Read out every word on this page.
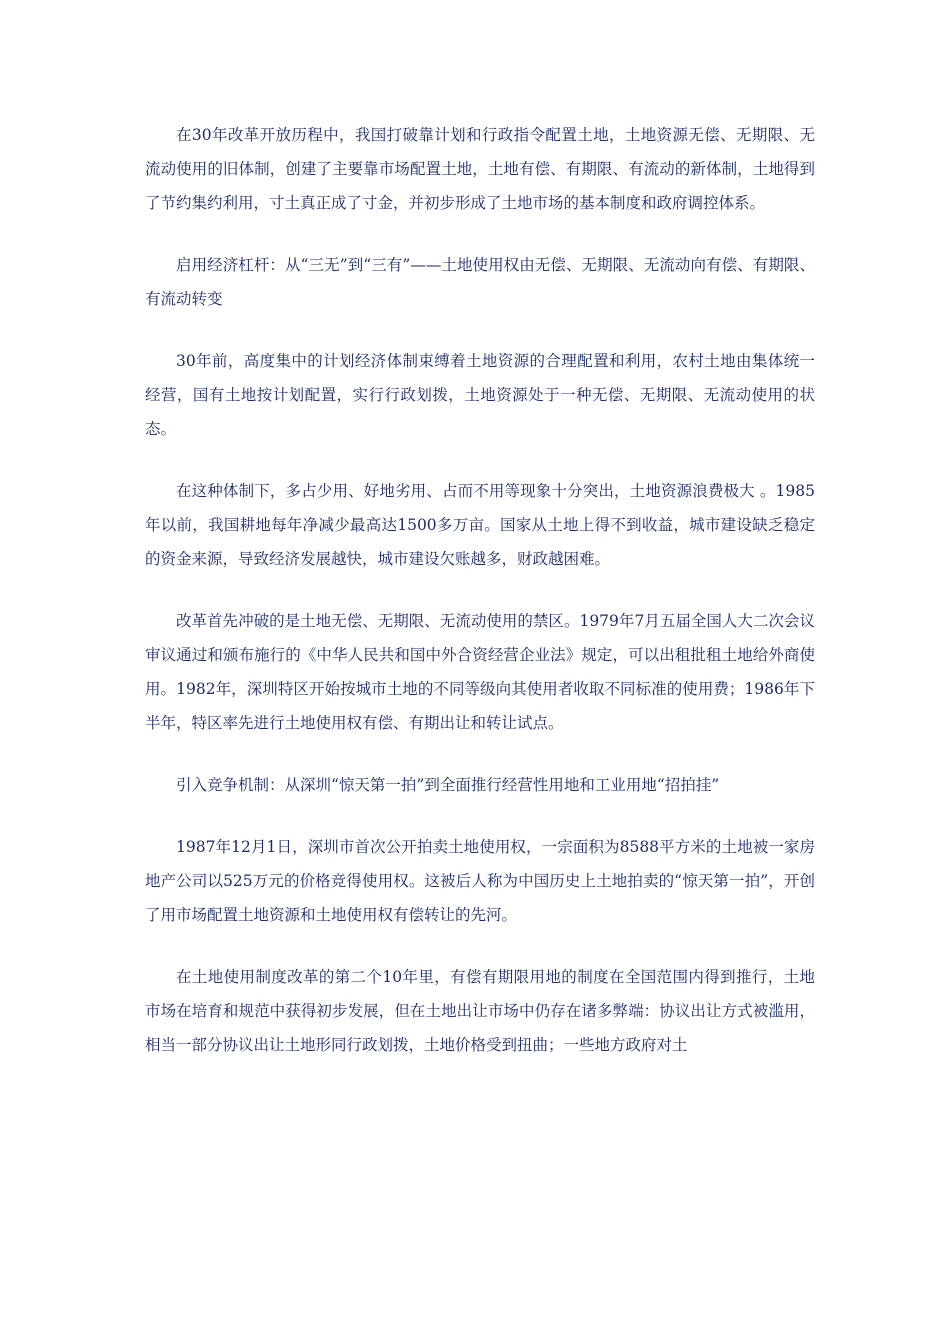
在30年改革开放历程中，我国打破靠计划和行政指令配置土地，土地资源无偿、无期限、无流动使用的旧体制，创建了主要靠市场配置土地，土地有偿、有期限、有流动的新体制，土地得到了节约集约利用，寸土真正成了寸金，并初步形成了土地市场的基本制度和政府调控体系。

启用经济杠杆：从“三无”到“三有”——土地使用权由无偿、无期限、无流动向有偿、有期限、有流动转变

30年前，高度集中的计划经济体制束缚着土地资源的合理配置和利用，农村土地由集体统一经营，国有土地按计划配置，实行行政划拨，土地资源处于一种无偿、无期限、无流动使用的状态。

在这种体制下，多占少用、好地劣用、占而不用等现象十分突出，土地资源浪费极大 。1985年以前，我国耕地每年净减少最高达1500多万亩。国家从土地上得不到收益，城市建设缺乏稳定的资金来源，导致经济发展越快，城市建设欠账越多，财政越困难。

改革首先冲破的是土地无偿、无期限、无流动使用的禁区。1979年7月五届全国人大二次会议审议通过和颁布施行的《中华人民共和国中外合资经营企业法》规定，可以出租批租土地给外商使用。1982年，深圳特区开始按城市土地的不同等级向其使用者收取不同标准的使用费；1986年下半年，特区率先进行土地使用权有偿、有期出让和转让试点。

引入竞争机制：从深圳“惊天第一拍”到全面推行经营性用地和工业用地“招拍挂”

1987年12月1日，深圳市首次公开拍卖土地使用权，一宗面积为8588平方米的土地被一家房地产公司以525万元的价格竞得使用权。这被后人称为中国历史上土地拍卖的“惊天第一拍”，开创了用市场配置土地资源和土地使用权有偿转让的先河。

在土地使用制度改革的第二个10年里，有偿有期限用地的制度在全国范围内得到推行，土地市场在培育和规范中获得初步发展，但在土地出让市场中仍存在诸多弊端：协议出让方式被滥用，相当一部分协议出让土地形同行政划拨，土地价格受到扭曲；一些地方政府对土
